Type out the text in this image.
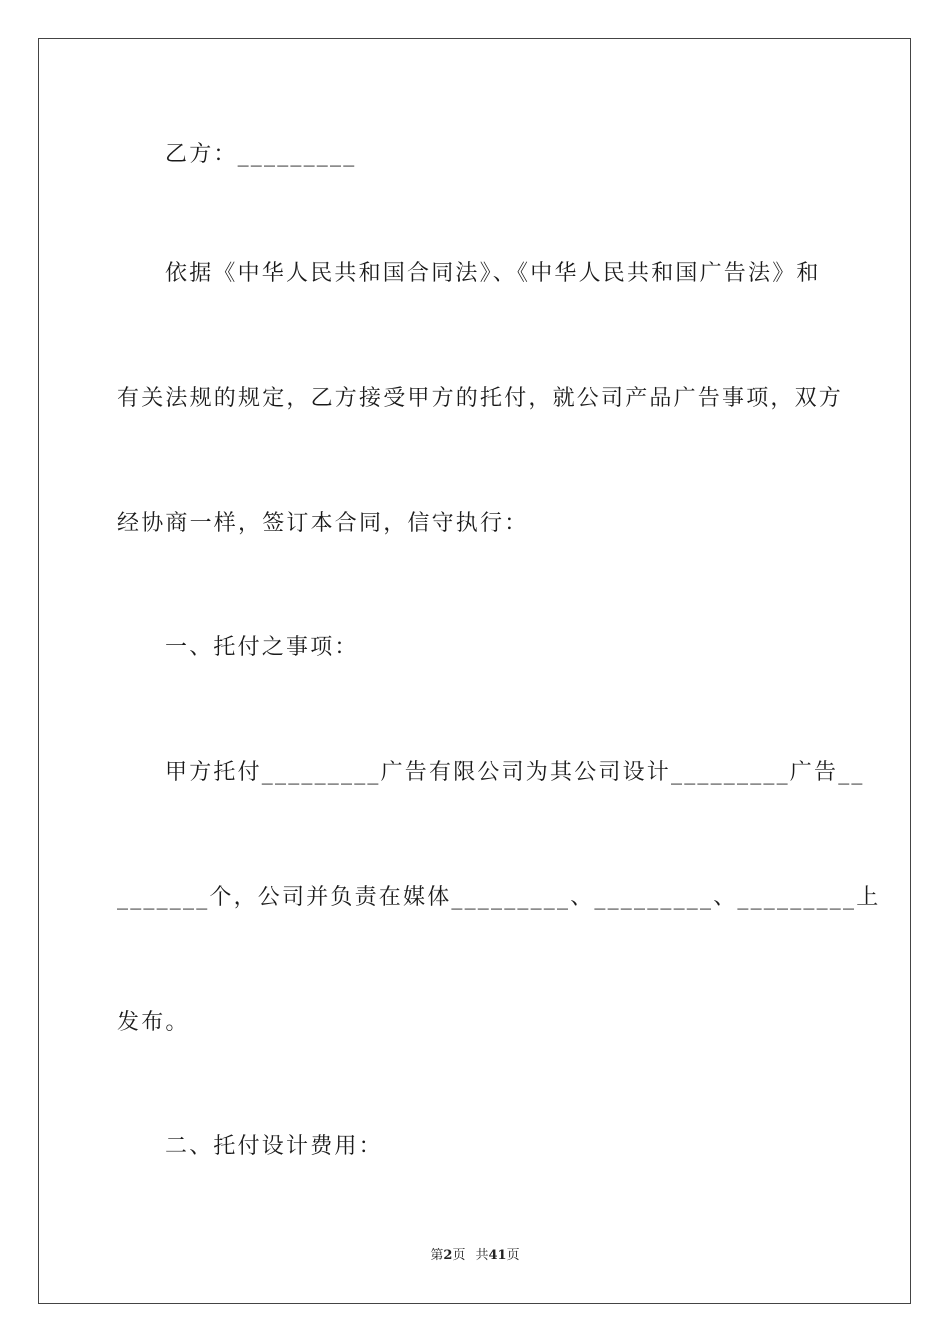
乙方：_________
依据《中华人民共和国合同法》、《中华人民共和国广告法》和
有关法规的规定，乙方接受甲方的托付，就公司产品广告事项，双方
经协商一样，签订本合同，信守执行：
一、托付之事项：
甲方托付_________广告有限公司为其公司设计_________广告__
_______个，公司并负责在媒体_________、_________、_________上
发布。
二、托付设计费用：
第2页 共41页
